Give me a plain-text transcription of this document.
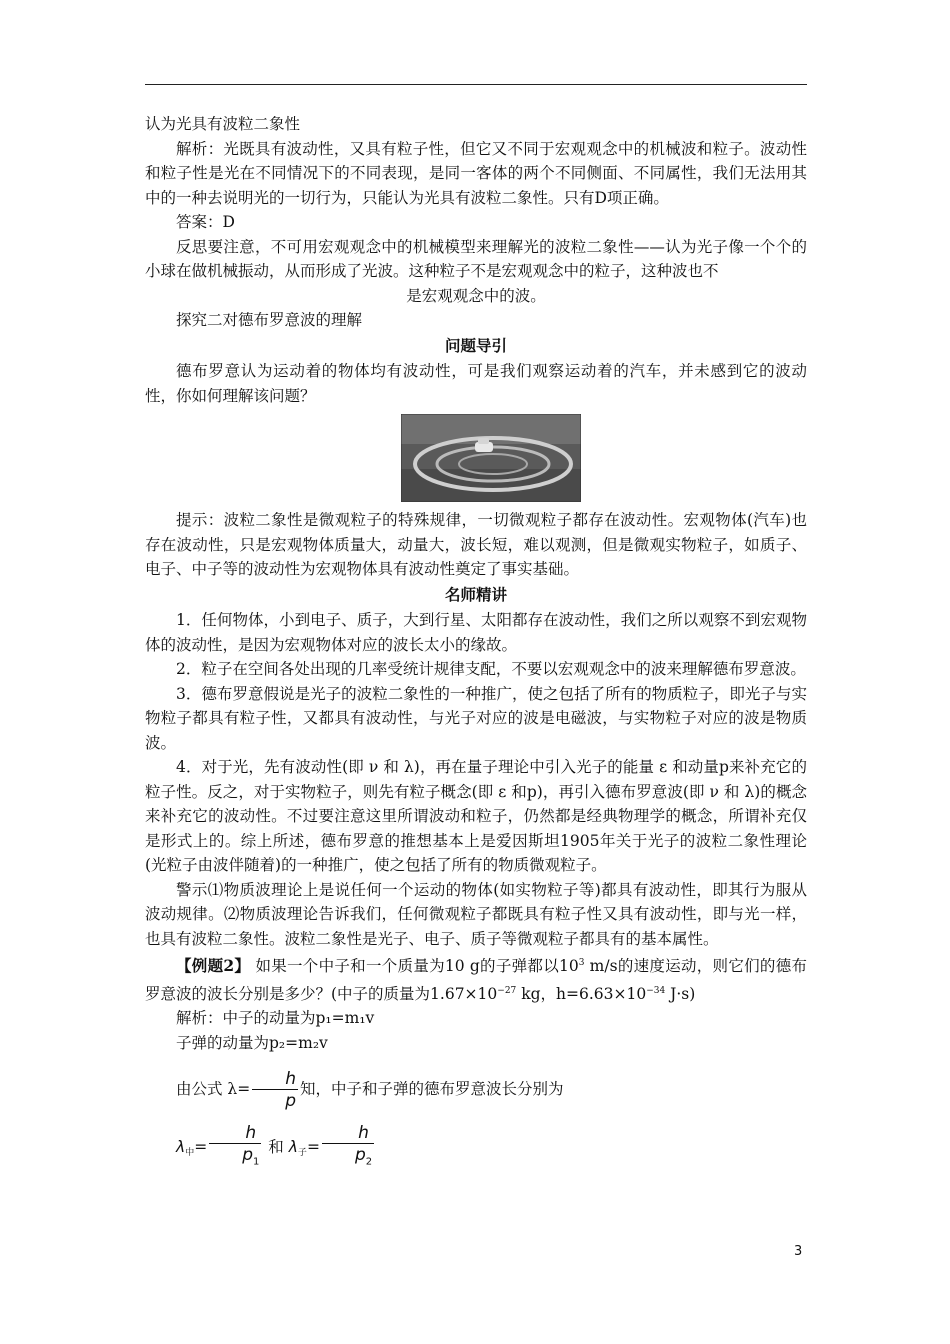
认为光具有波粒二象性

解析：光既具有波动性，又具有粒子性，但它又不同于宏观观念中的机械波和粒子。波动性和粒子性是光在不同情况下的不同表现，是同一客体的两个不同侧面、不同属性，我们无法用其中的一种去说明光的一切行为，只能认为光具有波粒二象性。只有D项正确。

答案：D

反思要注意，不可用宏观观念中的机械模型来理解光的波粒二象性——认为光子像一个个的小球在做机械振动，从而形成了光波。这种粒子不是宏观观念中的粒子，这种波也不

是宏观观念中的波。

探究二对德布罗意波的理解

问题导引

德布罗意认为运动着的物体均有波动性，可是我们观察运动着的汽车，并未感到它的波动性，你如何理解该问题？

提示：波粒二象性是微观粒子的特殊规律，一切微观粒子都存在波动性。宏观物体(汽车)也存在波动性，只是宏观物体质量大，动量大，波长短，难以观测，但是微观实物粒子，如质子、电子、中子等的波动性为宏观物体具有波动性奠定了事实基础。

名师精讲

1．任何物体，小到电子、质子，大到行星、太阳都存在波动性，我们之所以观察不到宏观物体的波动性，是因为宏观物体对应的波长太小的缘故。

2．粒子在空间各处出现的几率受统计规律支配，不要以宏观观念中的波来理解德布罗意波。

3．德布罗意假说是光子的波粒二象性的一种推广，使之包括了所有的物质粒子，即光子与实物粒子都具有粒子性，又都具有波动性，与光子对应的波是电磁波，与实物粒子对应的波是物质波。

4．对于光，先有波动性(即 ν 和 λ)，再在量子理论中引入光子的能量 ε 和动量p来补充它的粒子性。反之，对于实物粒子，则先有粒子概念(即 ε 和p)，再引入德布罗意波(即 ν 和 λ)的概念来补充它的波动性。不过要注意这里所谓波动和粒子，仍然都是经典物理学的概念，所谓补充仅是形式上的。综上所述，德布罗意的推想基本上是爱因斯坦1905年关于光子的波粒二象性理论(光粒子由波伴随着)的一种推广，使之包括了所有的物质微观粒子。

警示⑴物质波理论上是说任何一个运动的物体(如实物粒子等)都具有波动性，即其行为服从波动规律。⑵物质波理论告诉我们，任何微观粒子都既具有粒子性又具有波动性，即与光一样，也具有波粒二象性。波粒二象性是光子、电子、质子等微观粒子都具有的基本属性。

【例题2】 如果一个中子和一个质量为10 g的子弹都以$10^3$ m/s的速度运动，则它们的德布罗意波的波长分别是多少？(中子的质量为$1.67\times 10^{-27}$ kg，$h=6.63\times 10^{-34}$ J·s)

解析：中子的动量为p₁=m₁v

子弹的动量为p₂=m₂v

由公式 $\lambda= \frac{h}{p}$ 知，中子和子弹的德布罗意波长分别为

λ中= $\frac{h}{p_1}$ 和 λ子= $\frac{h}{p_2}$

3
